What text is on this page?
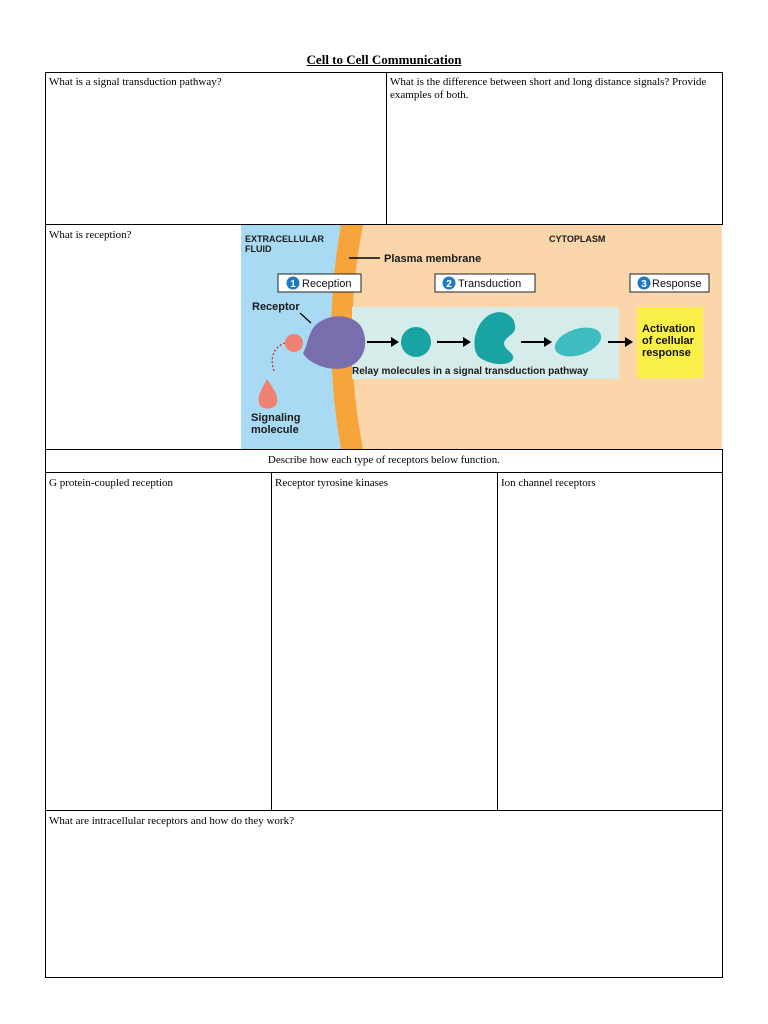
Cell to Cell Communication
What is a signal transduction pathway?	What is the difference between short and long distance signals? Provide examples of both.
What is reception?	EXTRACELLULAR
FLUID
CYTOPLASM
Plasma membrane
1 Reception	2 Transduction	3 Response
Receptor
Signaling
molecule
Relay molecules in a signal transduction pathway
Activation
of cellular
response
Describe how each type of receptors below function.
G protein-coupled reception	Receptor tyrosine kinases	Ion channel receptors
What are intracellular receptors and how do they work?
